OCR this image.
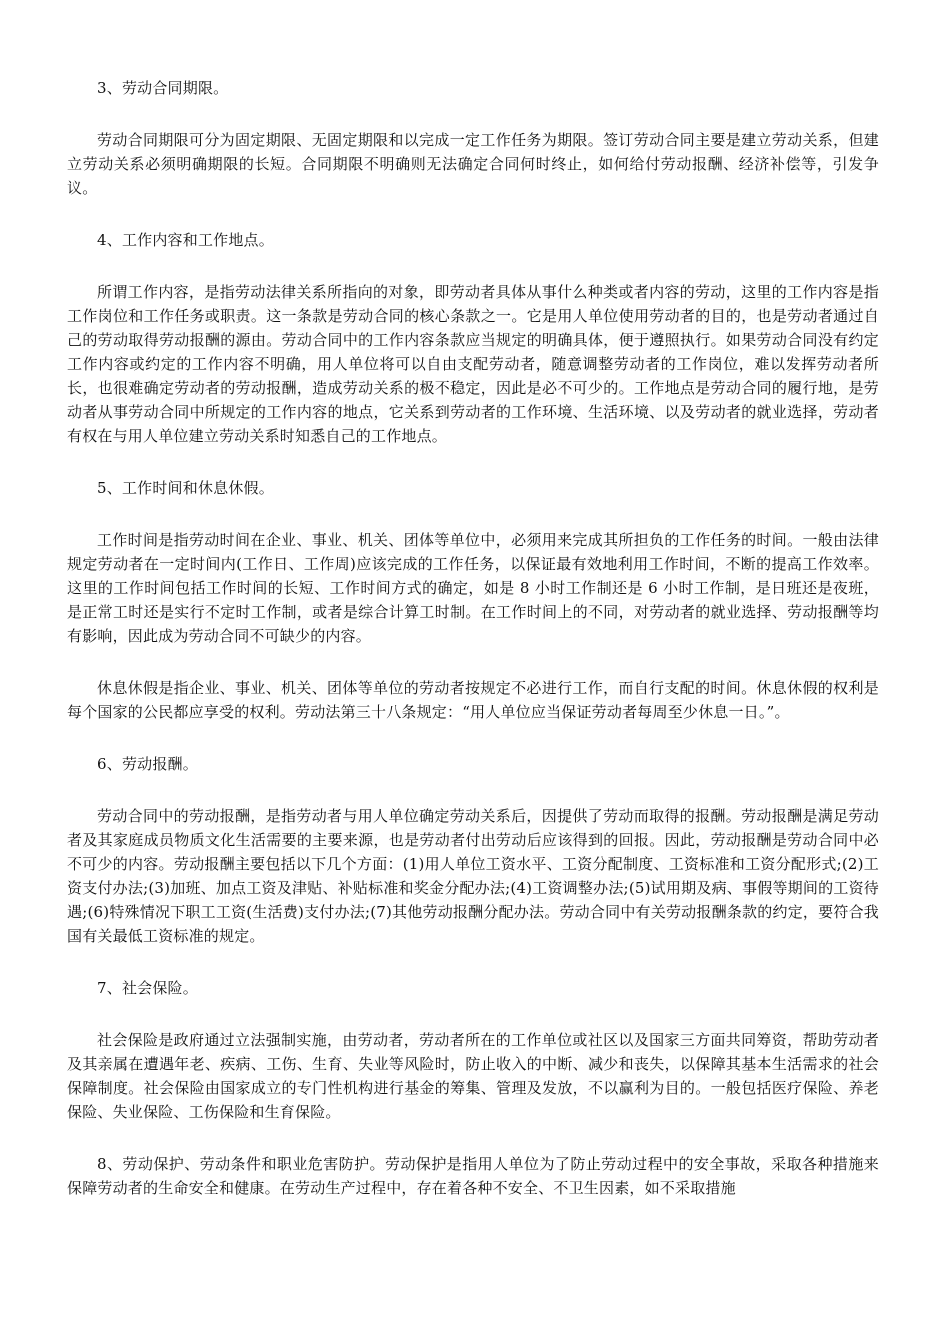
3、劳动合同期限。

劳动合同期限可分为固定期限、无固定期限和以完成一定工作任务为期限。签订劳动合同主要是建立劳动关系，但建立劳动关系必须明确期限的长短。合同期限不明确则无法确定合同何时终止，如何给付劳动报酬、经济补偿等，引发争议。

4、工作内容和工作地点。

所谓工作内容，是指劳动法律关系所指向的对象，即劳动者具体从事什么种类或者内容的劳动，这里的工作内容是指工作岗位和工作任务或职责。这一条款是劳动合同的核心条款之一。它是用人单位使用劳动者的目的，也是劳动者通过自己的劳动取得劳动报酬的源由。劳动合同中的工作内容条款应当规定的明确具体，便于遵照执行。如果劳动合同没有约定工作内容或约定的工作内容不明确，用人单位将可以自由支配劳动者，随意调整劳动者的工作岗位，难以发挥劳动者所长，也很难确定劳动者的劳动报酬，造成劳动关系的极不稳定，因此是必不可少的。工作地点是劳动合同的履行地，是劳动者从事劳动合同中所规定的工作内容的地点，它关系到劳动者的工作环境、生活环境、以及劳动者的就业选择，劳动者有权在与用人单位建立劳动关系时知悉自己的工作地点。

5、工作时间和休息休假。

工作时间是指劳动时间在企业、事业、机关、团体等单位中，必须用来完成其所担负的工作任务的时间。一般由法律规定劳动者在一定时间内(工作日、工作周)应该完成的工作任务，以保证最有效地利用工作时间，不断的提高工作效率。这里的工作时间包括工作时间的长短、工作时间方式的确定，如是 8 小时工作制还是 6 小时工作制，是日班还是夜班，是正常工时还是实行不定时工作制，或者是综合计算工时制。在工作时间上的不同，对劳动者的就业选择、劳动报酬等均有影响，因此成为劳动合同不可缺少的内容。

休息休假是指企业、事业、机关、团体等单位的劳动者按规定不必进行工作，而自行支配的时间。休息休假的权利是每个国家的公民都应享受的权利。劳动法第三十八条规定：“用人单位应当保证劳动者每周至少休息一日。”。

6、劳动报酬。

劳动合同中的劳动报酬，是指劳动者与用人单位确定劳动关系后，因提供了劳动而取得的报酬。劳动报酬是满足劳动者及其家庭成员物质文化生活需要的主要来源，也是劳动者付出劳动后应该得到的回报。因此，劳动报酬是劳动合同中必不可少的内容。劳动报酬主要包括以下几个方面：(1)用人单位工资水平、工资分配制度、工资标准和工资分配形式;(2)工资支付办法;(3)加班、加点工资及津贴、补贴标准和奖金分配办法;(4)工资调整办法;(5)试用期及病、事假等期间的工资待遇;(6)特殊情况下职工工资(生活费)支付办法;(7)其他劳动报酬分配办法。劳动合同中有关劳动报酬条款的约定，要符合我国有关最低工资标准的规定。

7、社会保险。

社会保险是政府通过立法强制实施，由劳动者，劳动者所在的工作单位或社区以及国家三方面共同筹资，帮助劳动者及其亲属在遭遇年老、疾病、工伤、生育、失业等风险时，防止收入的中断、减少和丧失，以保障其基本生活需求的社会保障制度。社会保险由国家成立的专门性机构进行基金的筹集、管理及发放，不以赢利为目的。一般包括医疗保险、养老保险、失业保险、工伤保险和生育保险。

8、劳动保护、劳动条件和职业危害防护。劳动保护是指用人单位为了防止劳动过程中的安全事故，采取各种措施来保障劳动者的生命安全和健康。在劳动生产过程中，存在着各种不安全、不卫生因素，如不采取措施
